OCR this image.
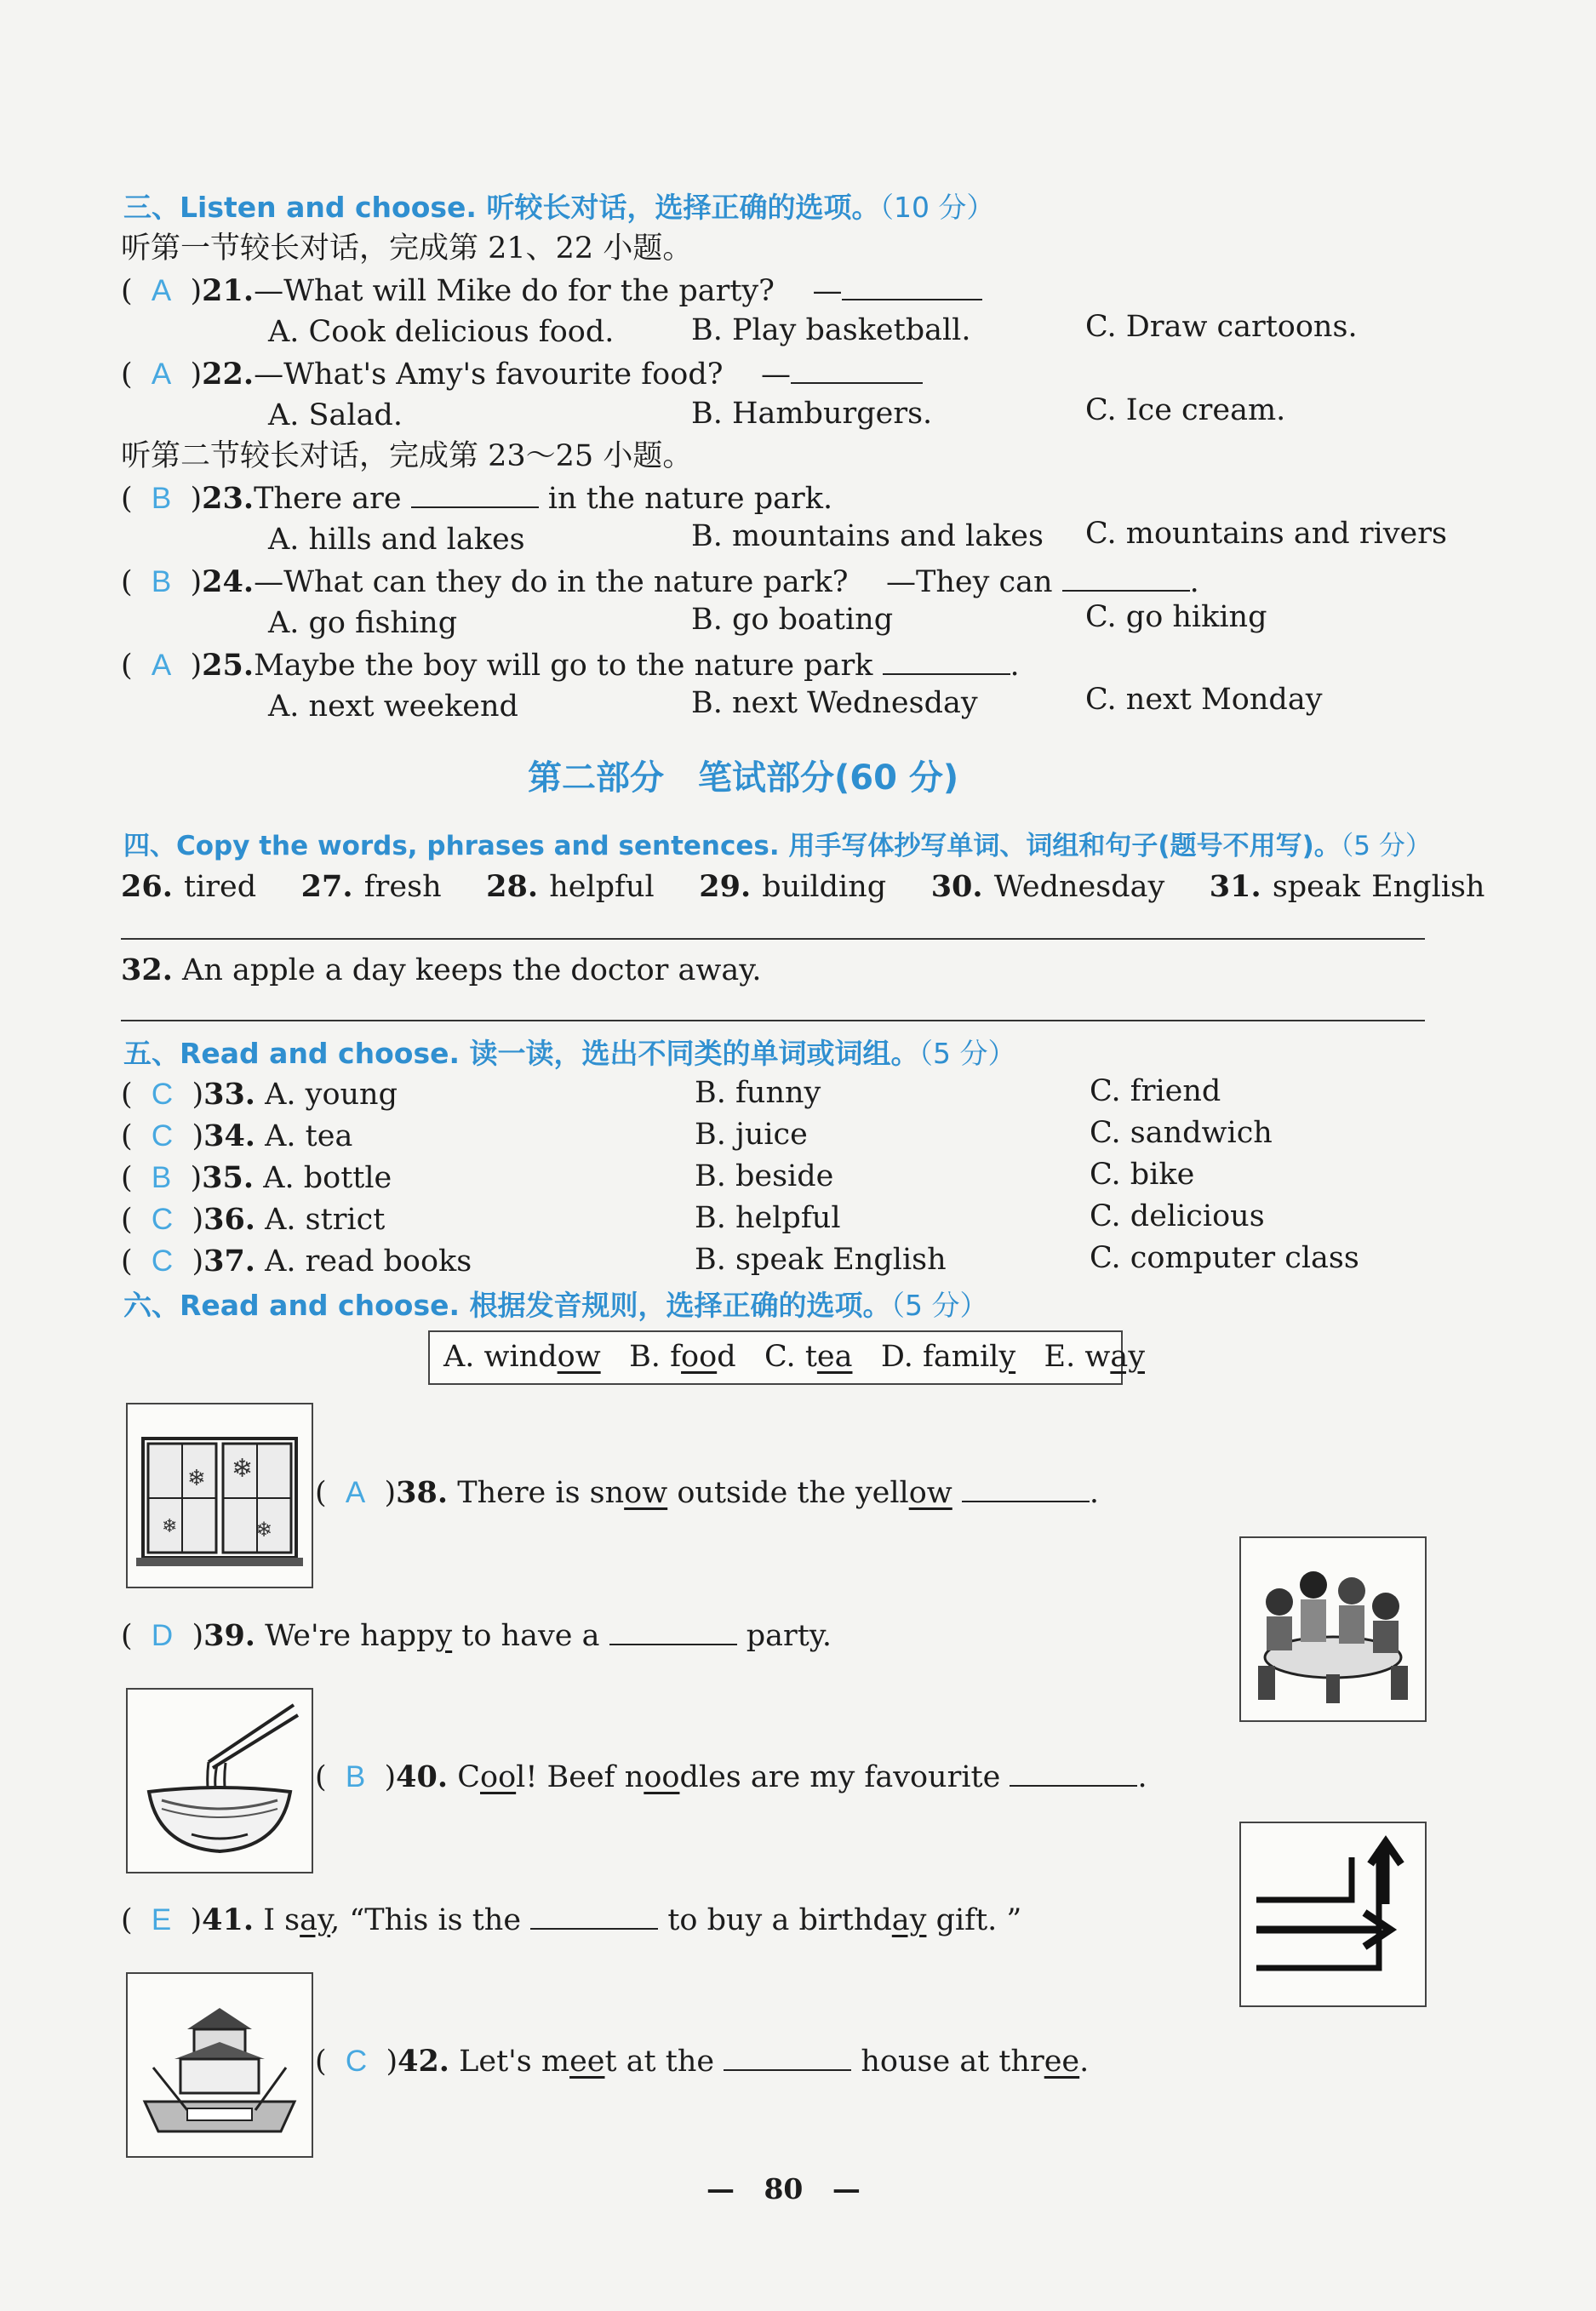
三、Listen and choose. 听较长对话，选择正确的选项。（10 分）
听第一节较长对话，完成第 21、22 小题。
(  A  )21.—What will Mike do for the party? —
A. Cook delicious food.	B. Play basketball.	C. Draw cartoons.
(  A  )22.—What's Amy's favourite food? —
A. Salad.	B. Hamburgers.	C. Ice cream.
听第二节较长对话，完成第 23～25 小题。
(  B  )23.There are	in the nature park.
A. hills and lakes	B. mountains and lakes C. mountains and rivers
(  B  )24.—What can they do in the nature park? —They can	.
A. go fishing	B. go boating	C. go hiking
(  A  )25.Maybe the boy will go to the nature park	.
A. next weekend	B. next Wednesday	C. next Monday
第二部分　笔试部分(60 分)
四、Copy the words, phrases and sentences. 用手写体抄写单词、词组和句子(题号不用写)。（5 分）
26. tired 27. fresh 28. helpful 29. building 30. Wednesday 31. speak English
32. An apple a day keeps the doctor away.
五、Read and choose. 读一读，选出不同类的单词或词组。（5 分）
(  C  )33. A. young	B. funny	C. friend
(  C  )34. A. tea	B. juice	C. sandwich
(  B  )35. A. bottle	B. beside	C. bike
(  C  )36. A. strict	B. helpful	C. delicious
(  C  )37. A. read books	B. speak English	C. computer class
六、Read and choose. 根据发音规则，选择正确的选项。（5 分）
A. window B. food C. tea D. family E. way
❄ ❄
❄	❄
(  A  )38. There is snow outside the yellow	.
(  D  )39. We're happy to have a	party.
(  B  )40. Cool! Beef noodles are my favourite	.
(  E  )41. I say, “This is the	to buy a birthday gift. ”
(  C  )42. Let's meet at the	house at three.
— 80 —
